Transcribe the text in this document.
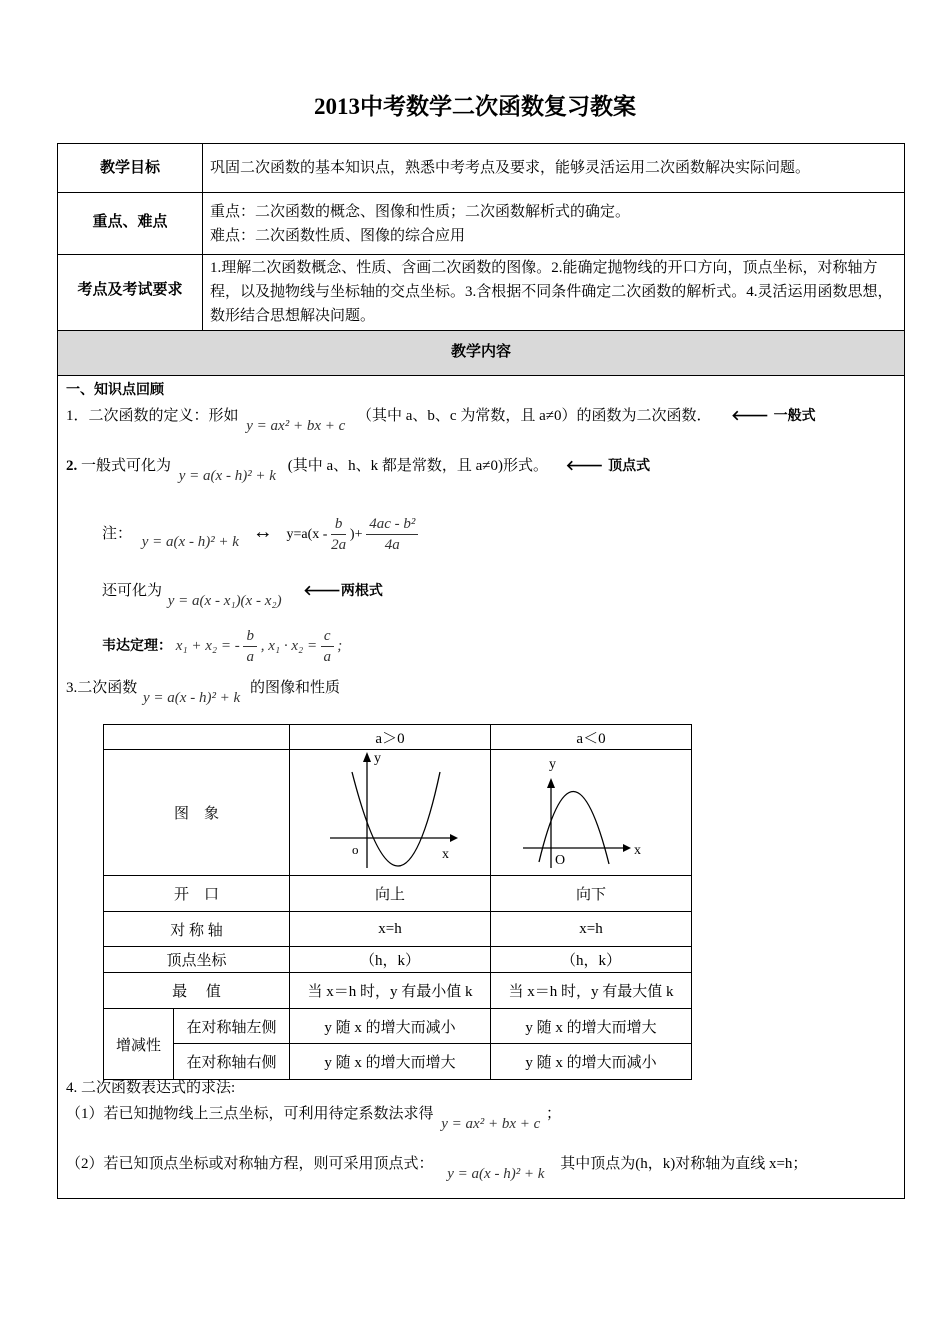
2013中考数学二次函数复习教案
教学目标	巩固二次函数的基本知识点，熟悉中考考点及要求，能够灵活运用二次函数解决实际问题。
重点、难点	重点：二次函数的概念、图像和性质；二次函数解析式的确定。
难点：二次函数性质、图像的综合应用
考点及考试要求
1.理解二次函数概念、性质、含画二次函数的图像。2.能确定抛物线的开口方向，顶点坐标，对称轴方程，以及抛物线与坐标轴的交点坐标。3.含根据不同条件确定二次函数的解析式。4.灵活运用函数思想，数形结合思想解决问题。
教学内容
一、知识点回顾
1．二次函数的定义：形如 y = ax² + bx + c （其中 a、b、c 为常数，且 a≠0）的函数为二次函数． 🡐 一般式
2. 一般式可化为 y = a(x - h)² + k (其中 a、h、k 都是常数，且 a≠0)形式。 🡐 顶点式
注： y = a(x - h)² + k ↔ $y=a(x - \frac{b}{2a}$ )+ $\frac{\text{4ac - b²}}{4a}$
还可化为 y = a(x - x₁)(x - x₂) 🡐两根式
韦达定理： x₁ + x₂ = - $\frac{b}{a}$ , $x_1 \cdot x_2 = \frac{c}{a}$ ;
3.二次函数 y = a(x - h)² + k 的图像和性质
4. 二次函数表达式的求法:
（1）若已知抛物线上三点坐标，可利用待定系数法求得 y = ax² + bx + c ；
（2）若已知顶点坐标或对称轴方程，则可采用顶点式： y = a(x - h)² + k 其中顶点为(h，k)对称轴为直线 x=h；
		a＞0	a＜0
图　象		y
x
o	y
x
O

开　口		向上	向下
对 称 轴		x=h	x=h
顶点坐标		（h，k）	（h，k）
最　 值		当 x＝h 时，y 有最小值 k	当 x＝h 时，y 有最大值 k
增减性	在对称轴左侧	y 随 x 的增大而减小	y 随 x 的增大而增大
	在对称轴右侧	y 随 x 的增大而增大	y 随 x 的增大而减小
